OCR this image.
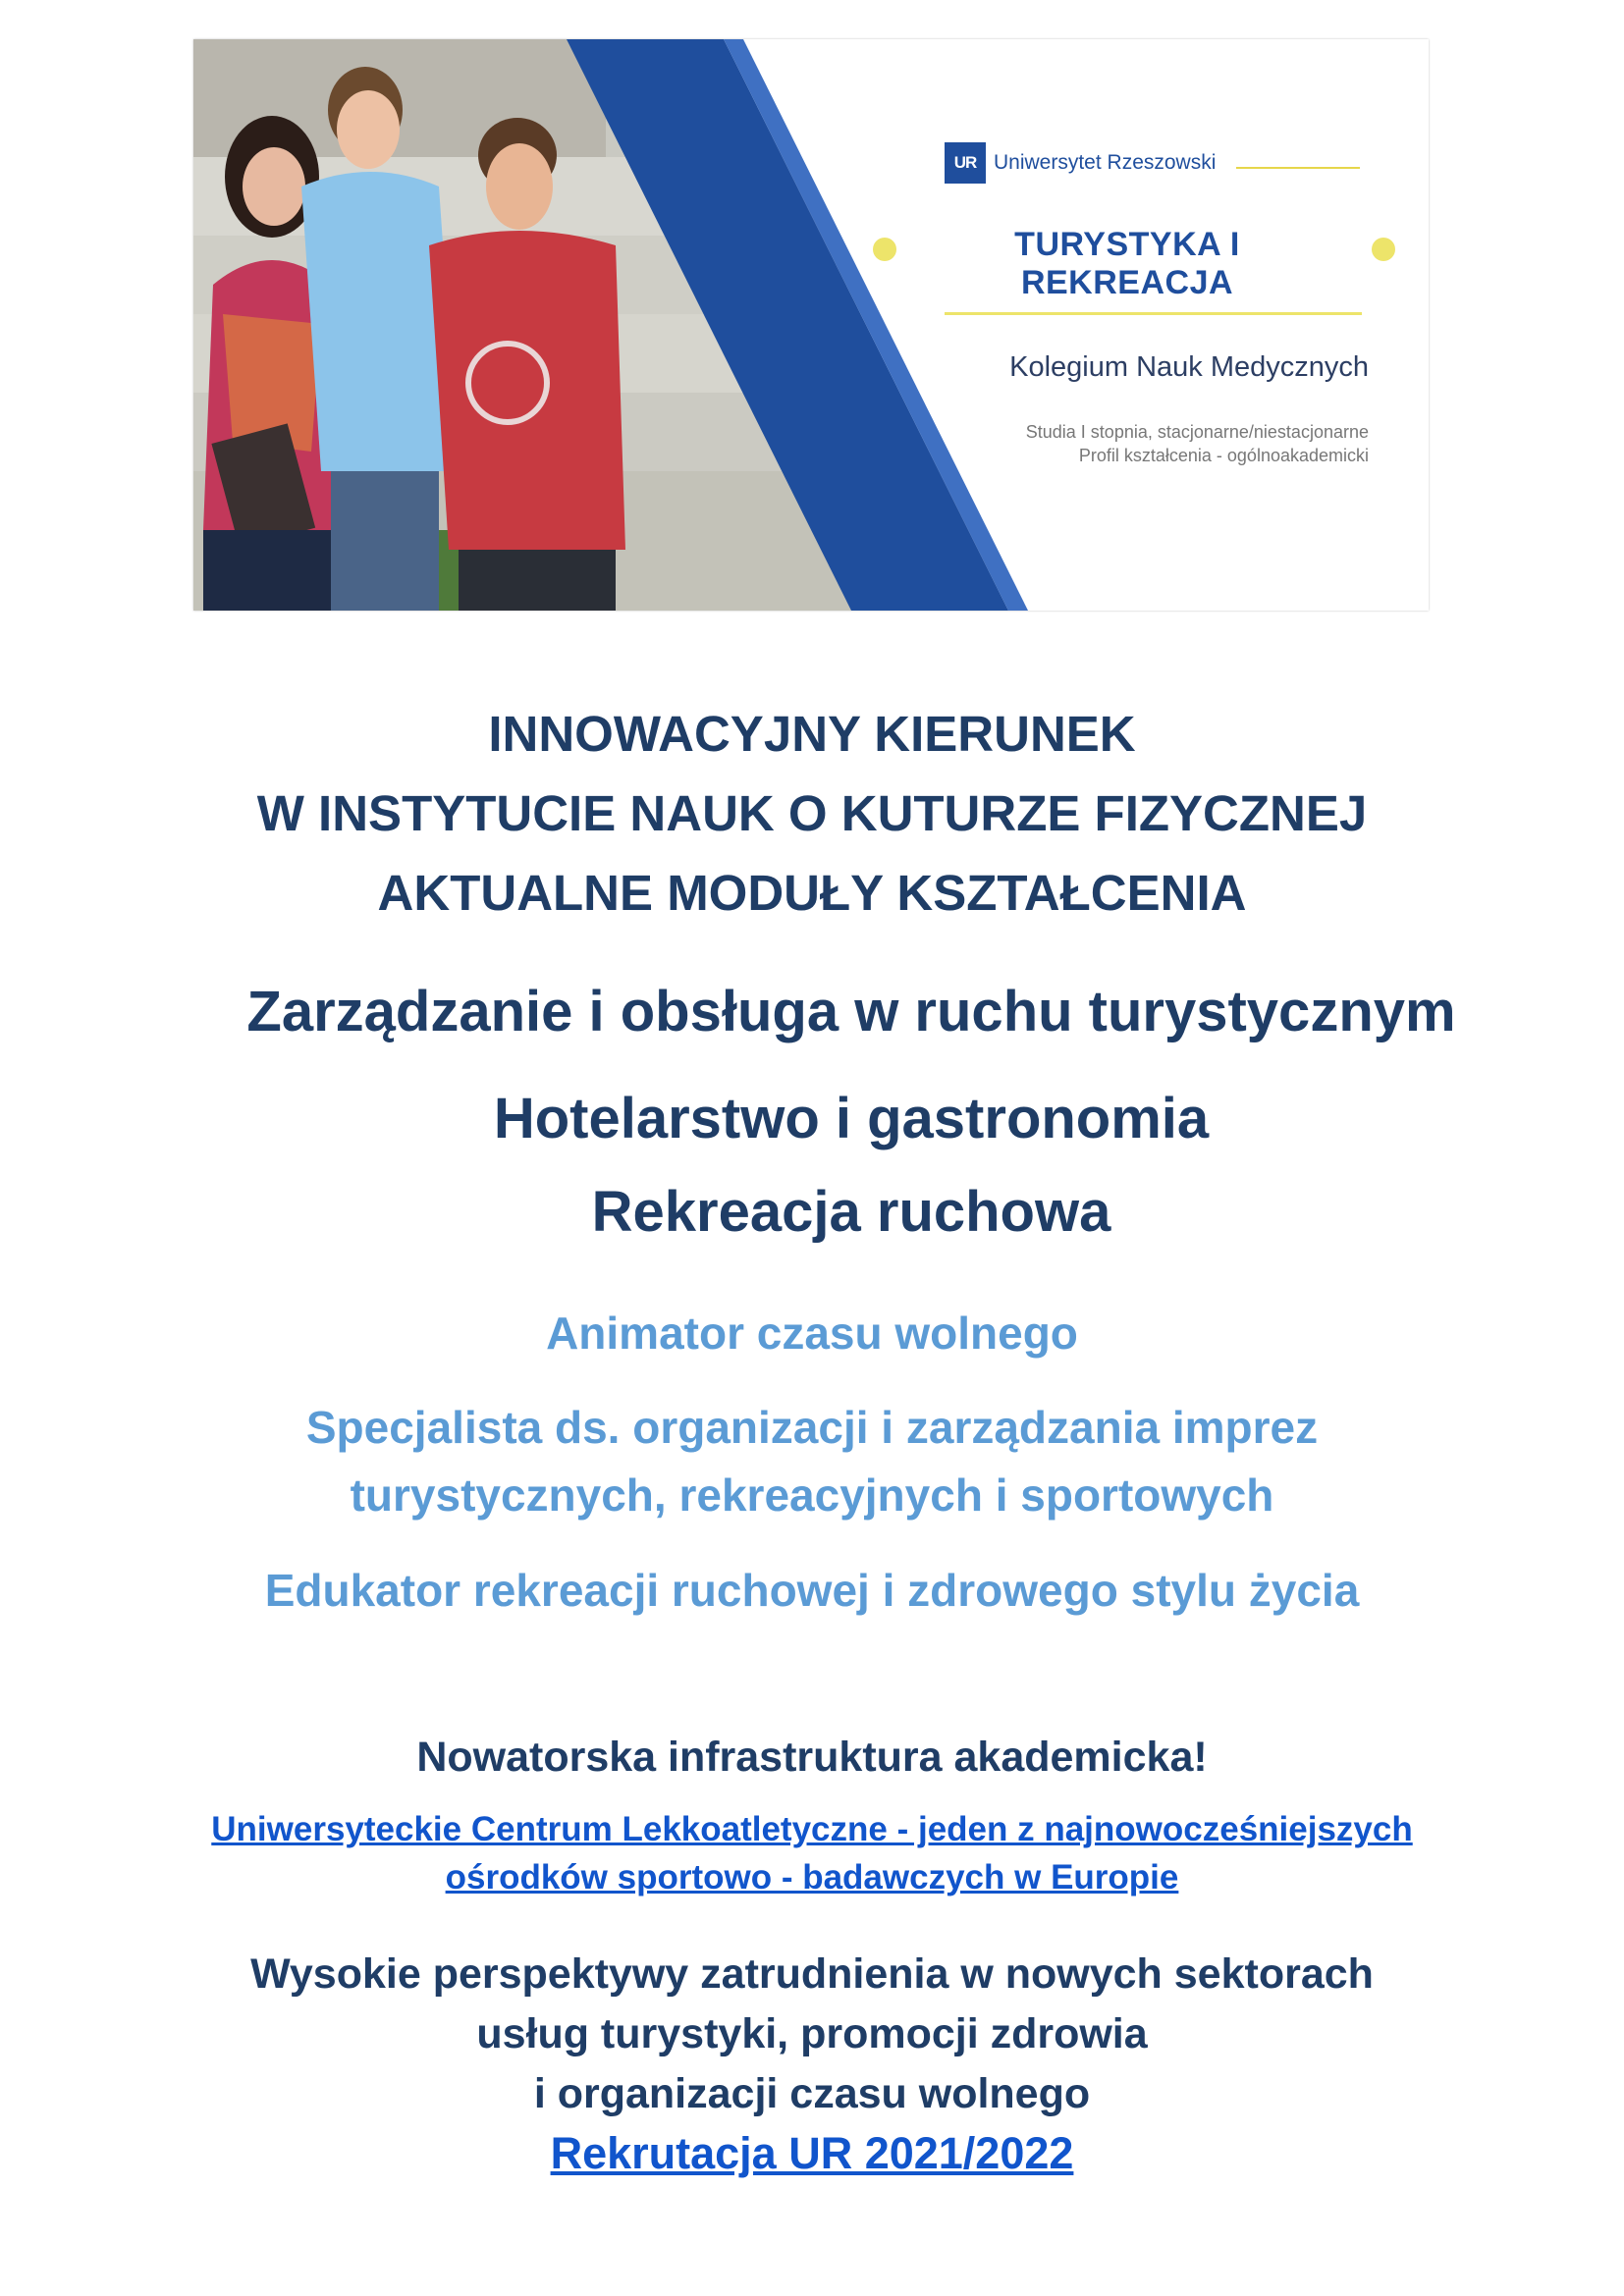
UR Uniwersytet Rzeszowski
TURYSTYKA I REKREACJA
Kolegium Nauk Medycznych
Studia I stopnia, stacjonarne/niestacjonarne
Profil kształcenia - ogólnoakademicki
INNOWACYJNY KIERUNEK
W INSTYTUCIE NAUK O KUTURZE FIZYCZNEJ
AKTUALNE MODUŁY KSZTAŁCENIA
Zarządzanie i obsługa w ruchu turystycznym
Hotelarstwo i gastronomia
Rekreacja ruchowa
Animator czasu wolnego
Specjalista ds. organizacji i zarządzania imprez
turystycznych, rekreacyjnych i sportowych
Edukator rekreacji ruchowej i zdrowego stylu życia
Nowatorska infrastruktura akademicka!
Uniwersyteckie Centrum Lekkoatletyczne - jeden z najnowocześniejszych
ośrodków sportowo - badawczych w Europie
Wysokie perspektywy zatrudnienia w nowych sektorach
usług turystyki, promocji zdrowia
i organizacji czasu wolnego
Rekrutacja UR 2021/2022
